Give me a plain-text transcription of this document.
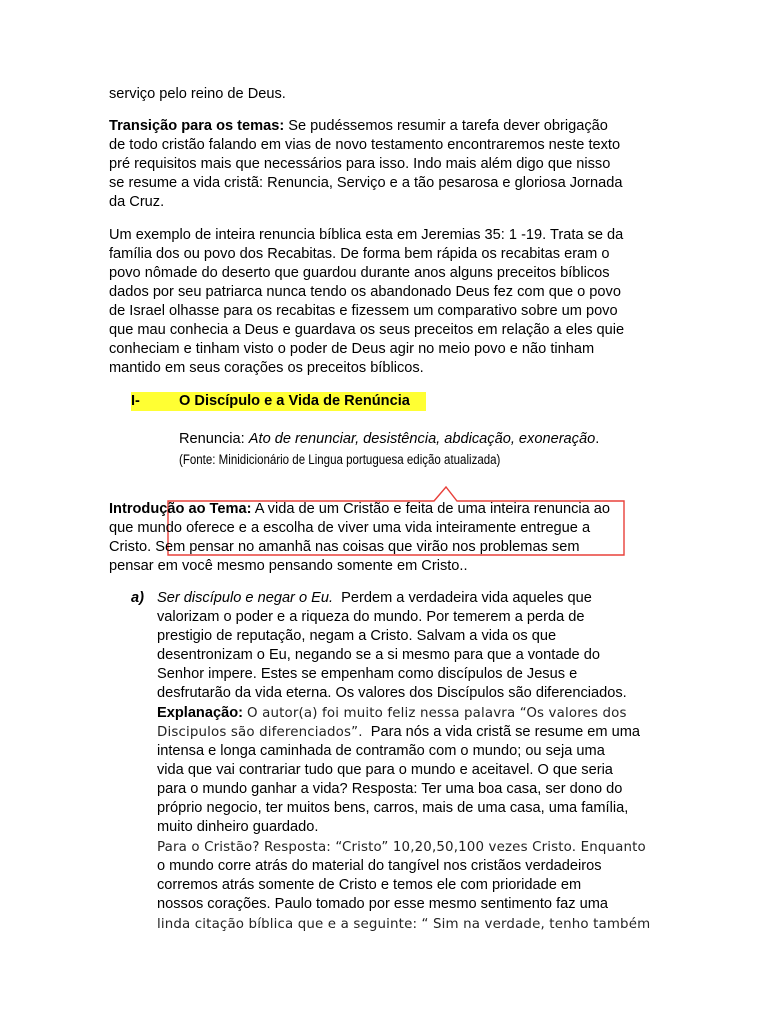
serviço pelo reino de Deus.
Transição para os temas: Se pudéssemos resumir a tarefa dever obrigação
de todo cristão falando em vias de novo testamento encontraremos neste texto
pré requisitos mais que necessários para isso. Indo mais além digo que nisso
se resume a vida cristã: Renuncia, Serviço e a tão pesarosa e gloriosa Jornada
da Cruz.
Um exemplo de inteira renuncia bíblica esta em Jeremias 35: 1 -19. Trata se da
família dos ou povo dos Recabitas. De forma bem rápida os recabitas eram o
povo nômade do deserto que guardou durante anos alguns preceitos bíblicos
dados por seu patriarca nunca tendo os abandonado Deus fez com que o povo
de Israel olhasse para os recabitas e fizessem um comparativo sobre um povo
que mau conhecia a Deus e guardava os seus preceitos em relação a eles quie
conheciam e tinham visto o poder de Deus agir no meio povo e não tinham
mantido em seus corações os preceitos bíblicos.
I-	O Discípulo e a Vida de Renúncia
Renuncia: Ato de renunciar, desistência, abdicação, exoneração.
(Fonte: Minidicionário de Lingua portuguesa edição atualizada)
Introdução ao Tema: A vida de um Cristão e feita de uma inteira renuncia ao
que mundo oferece e a escolha de viver uma vida inteiramente entregue a
Cristo. Sem pensar no amanhã nas coisas que virão nos problemas sem
pensar em você mesmo pensando somente em Cristo..
a) Ser discípulo e negar o Eu. Perdem a verdadeira vida aqueles que
valorizam o poder e a riqueza do mundo. Por temerem a perda de
prestigio de reputação, negam a Cristo. Salvam a vida os que
desentronizam o Eu, negando se a si mesmo para que a vontade do
Senhor impere. Estes se empenham como discípulos de Jesus e
desfrutarão da vida eterna. Os valores dos Discípulos são diferenciados.
Explanação: O autor(a) foi muito feliz nessa palavra “Os valores dos
Discipulos são diferenciados”. Para nós a vida cristã se resume em uma
intensa e longa caminhada de contramão com o mundo; ou seja uma
vida que vai contrariar tudo que para o mundo e aceitavel. O que seria
para o mundo ganhar a vida? Resposta: Ter uma boa casa, ser dono do
próprio negocio, ter muitos bens, carros, mais de uma casa, uma família,
muito dinheiro guardado.
Para o Cristão? Resposta: “Cristo” 10,20,50,100 vezes Cristo. Enquanto
o mundo corre atrás do material do tangível nos cristãos verdadeiros
corremos atrás somente de Cristo e temos ele com prioridade em
nossos corações. Paulo tomado por esse mesmo sentimento faz uma
linda citação bíblica que e a seguinte: “ Sim na verdade, tenho também
